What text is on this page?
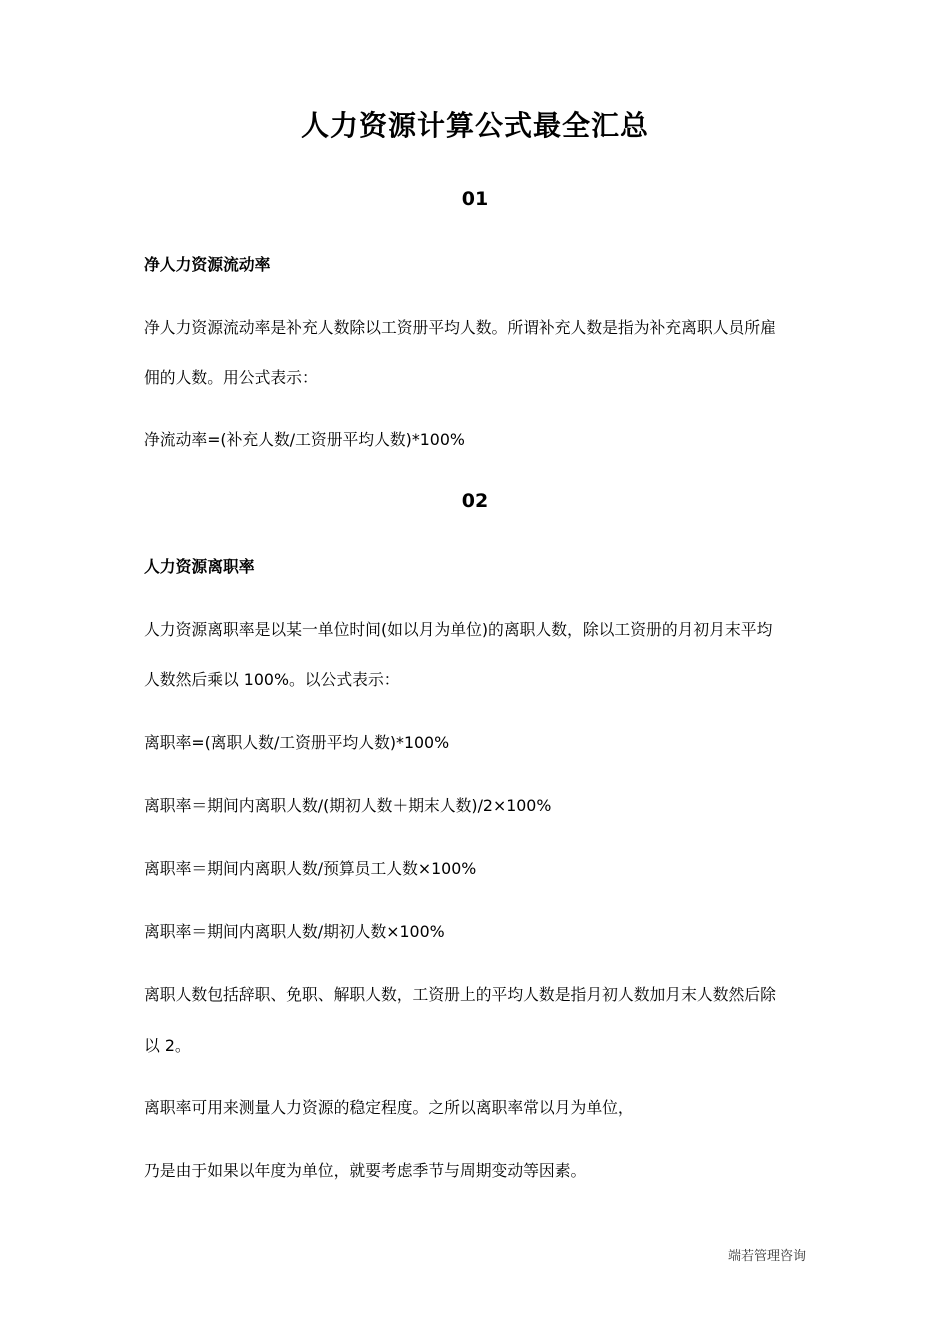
人力资源计算公式最全汇总
01
净人力资源流动率
净人力资源流动率是补充人数除以工资册平均人数。所谓补充人数是指为补充离职人员所雇
佣的人数。用公式表示：
净流动率=(补充人数/工资册平均人数)*100%
02
人力资源离职率
人力资源离职率是以某一单位时间(如以月为单位)的离职人数，除以工资册的月初月末平均
人数然后乘以 100%。以公式表示：
离职率=(离职人数/工资册平均人数)*100%
离职率＝期间内离职人数/(期初人数＋期末人数)/2×100%
离职率＝期间内离职人数/预算员工人数×100%
离职率＝期间内离职人数/期初人数×100%
离职人数包括辞职、免职、解职人数，工资册上的平均人数是指月初人数加月末人数然后除
以 2。
离职率可用来测量人力资源的稳定程度。之所以离职率常以月为单位，
乃是由于如果以年度为单位，就要考虑季节与周期变动等因素。
端若管理咨询
